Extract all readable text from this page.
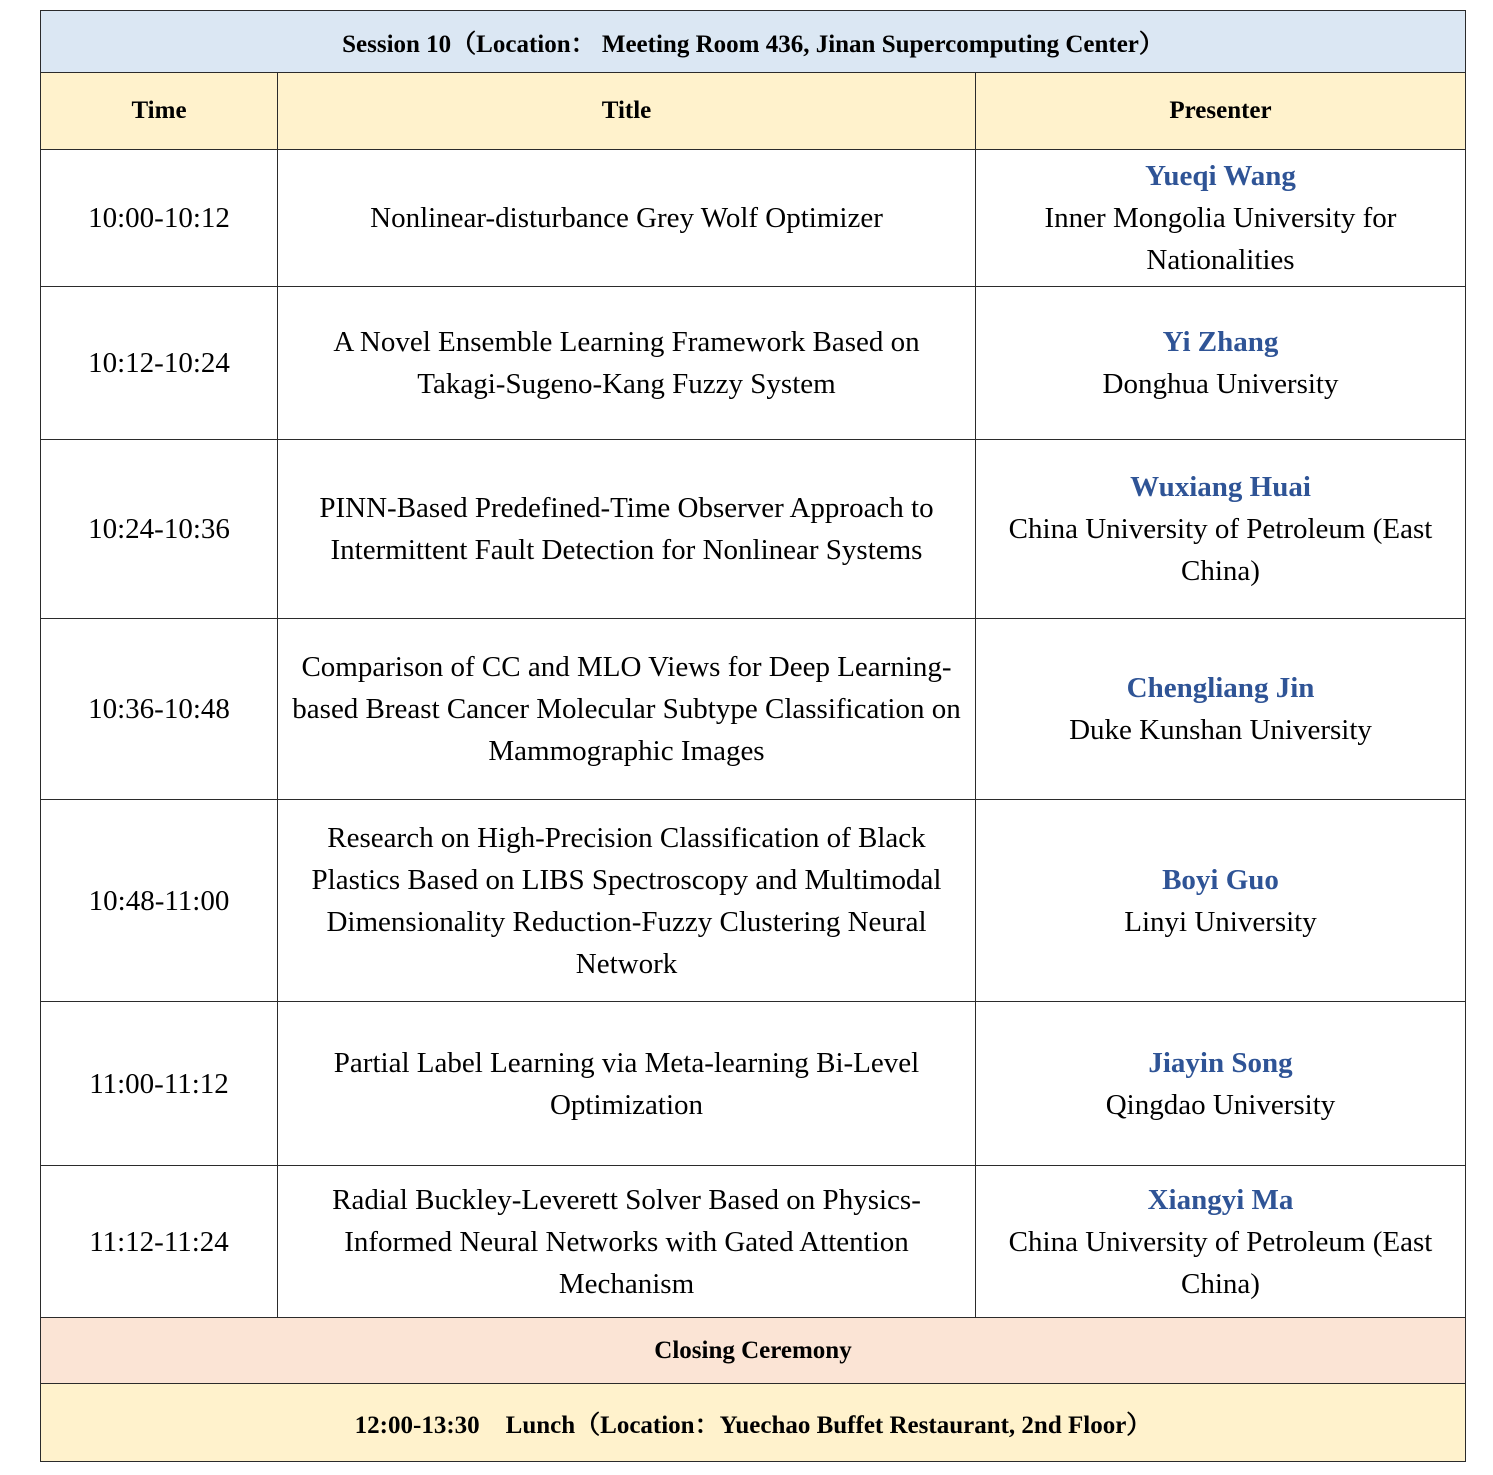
Session 10（Location： Meeting Room 436, Jinan Supercomputing Center）		
Time	Title	Presenter
10:00-10:12	Nonlinear-disturbance Grey Wolf Optimizer	Yueqi Wang
Inner Mongolia University for Nationalities

10:12-10:24	A Novel Ensemble Learning Framework Based on Takagi-Sugeno-Kang Fuzzy System	Yi Zhang
Donghua University

10:24-10:36	PINN-Based Predefined-Time Observer Approach to Intermittent Fault Detection for Nonlinear Systems	Wuxiang Huai
China University of Petroleum (East China)

10:36-10:48	Comparison of CC and MLO Views for Deep Learning-based Breast Cancer Molecular Subtype Classification on Mammographic Images	Chengliang Jin
Duke Kunshan University

10:48-11:00	Research on High-Precision Classification of Black Plastics Based on LIBS Spectroscopy and Multimodal Dimensionality Reduction-Fuzzy Clustering Neural Network	Boyi Guo
Linyi University

11:00-11:12	Partial Label Learning via Meta-learning Bi-Level Optimization	Jiayin Song
Qingdao University

11:12-11:24	Radial Buckley-Leverett Solver Based on Physics-Informed Neural Networks with Gated Attention Mechanism	Xiangyi Ma
China University of Petroleum (East China)

Closing Ceremony		
12:00-13:30 Lunch（Location：Yuechao Buffet Restaurant, 2nd Floor）		
